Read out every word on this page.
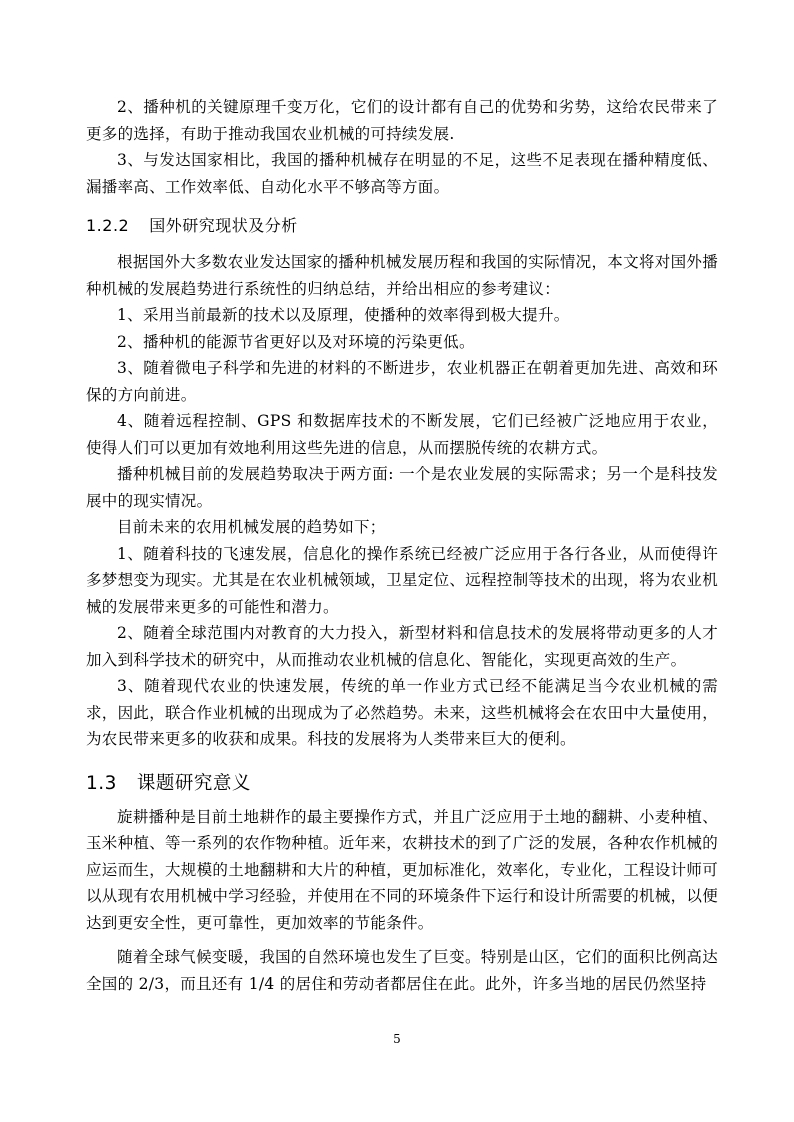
2、播种机的关键原理千变万化，它们的设计都有自己的优势和劣势，这给农民带来了更多的选择，有助于推动我国农业机械的可持续发展.

3、与发达国家相比，我国的播种机械存在明显的不足，这些不足表现在播种精度低、漏播率高、工作效率低、自动化水平不够高等方面。

1.2.2 国外研究现状及分析

根据国外大多数农业发达国家的播种机械发展历程和我国的实际情况，本文将对国外播种机械的发展趋势进行系统性的归纳总结，并给出相应的参考建议：

1、采用当前最新的技术以及原理，使播种的效率得到极大提升。

2、播种机的能源节省更好以及对环境的污染更低。

3、随着微电子科学和先进的材料的不断进步，农业机器正在朝着更加先进、高效和环保的方向前进。

4、随着远程控制、GPS 和数据库技术的不断发展，它们已经被广泛地应用于农业，使得人们可以更加有效地利用这些先进的信息，从而摆脱传统的农耕方式。

播种机械目前的发展趋势取决于两方面: 一个是农业发展的实际需求；另一个是科技发展中的现实情况。

目前未来的农用机械发展的趋势如下；

1、随着科技的飞速发展，信息化的操作系统已经被广泛应用于各行各业，从而使得许多梦想变为现实。尤其是在农业机械领域，卫星定位、远程控制等技术的出现，将为农业机械的发展带来更多的可能性和潜力。

2、随着全球范围内对教育的大力投入，新型材料和信息技术的发展将带动更多的人才加入到科学技术的研究中，从而推动农业机械的信息化、智能化，实现更高效的生产。

3、随着现代农业的快速发展，传统的单一作业方式已经不能满足当今农业机械的需求，因此，联合作业机械的出现成为了必然趋势。未来，这些机械将会在农田中大量使用，为农民带来更多的收获和成果。科技的发展将为人类带来巨大的便利。

1.3 课题研究意义

旋耕播种是目前土地耕作的最主要操作方式，并且广泛应用于土地的翻耕、小麦种植、玉米种植、等一系列的农作物种植。近年来，农耕技术的到了广泛的发展，各种农作机械的应运而生，大规模的土地翻耕和大片的种植，更加标准化，效率化，专业化，工程设计师可以从现有农用机械中学习经验，并使用在不同的环境条件下运行和设计所需要的机械，以便达到更安全性，更可靠性，更加效率的节能条件。

随着全球气候变暖，我国的自然环境也发生了巨变。特别是山区，它们的面积比例高达全国的 2/3，而且还有 1/4 的居住和劳动者都居住在此。此外，许多当地的居民仍然坚持

5
